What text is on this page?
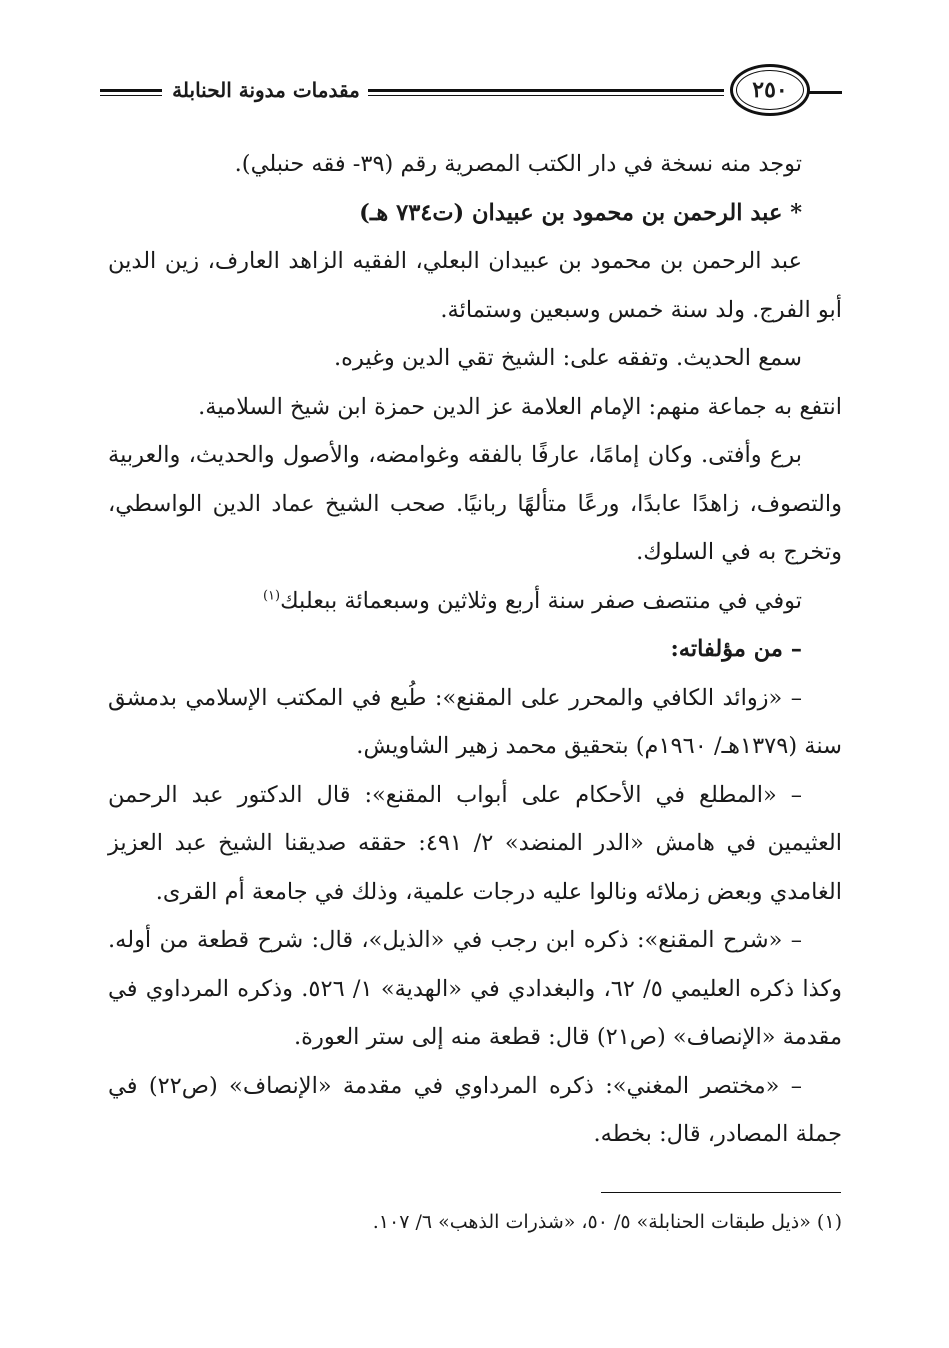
مقدمات مدونة الحنابلة	٢٥٠

توجد منه نسخة في دار الكتب المصرية رقم (٣٩- فقه حنبلي).

* عبد الرحمن بن محمود بن عبيدان (ت٧٣٤ هـ)

عبد الرحمن بن محمود بن عبيدان البعلي، الفقيه الزاهد العارف، زين الدين أبو الفرج. ولد سنة خمس وسبعين وستمائة.

سمع الحديث. وتفقه على: الشيخ تقي الدين وغيره.

انتفع به جماعة منهم: الإمام العلامة عز الدين حمزة ابن شيخ السلامية.

برع وأفتى. وكان إمامًا، عارفًا بالفقه وغوامضه، والأصول والحديث، والعربية والتصوف، زاهدًا عابدًا، ورعًا متألهًا ربانيًا. صحب الشيخ عماد الدين الواسطي، وتخرج به في السلوك.

توفي في منتصف صفر سنة أربع وثلاثين وسبعمائة ببعلبك$^{(١)}$

– من مؤلفاته:

– «زوائد الكافي والمحرر على المقنع»: طُبع في المكتب الإسلامي بدمشق سنة (١٣٧٩هـ/ ١٩٦٠م) بتحقيق محمد زهير الشاويش.

– «المطلع في الأحكام على أبواب المقنع»: قال الدكتور عبد الرحمن العثيمين في هامش «الدر المنضد» ٢/ ٤٩١: حققه صديقنا الشيخ عبد العزيز الغامدي وبعض زملائه ونالوا عليه درجات علمية، وذلك في جامعة أم القرى.

– «شرح المقنع»: ذكره ابن رجب في «الذيل»، قال: شرح قطعة من أوله. وكذا ذكره العليمي ٥/ ٦٢، والبغدادي في «الهدية» ١/ ٥٢٦. وذكره المرداوي في مقدمة «الإنصاف» (ص٢١) قال: قطعة منه إلى ستر العورة.

– «مختصر المغني»: ذكره المرداوي في مقدمة «الإنصاف» (ص٢٢) في جملة المصادر، قال: بخطه.

(١) «ذيل طبقات الحنابلة» ٥/ ٥٠، «شذرات الذهب» ٦/ ١٠٧.
